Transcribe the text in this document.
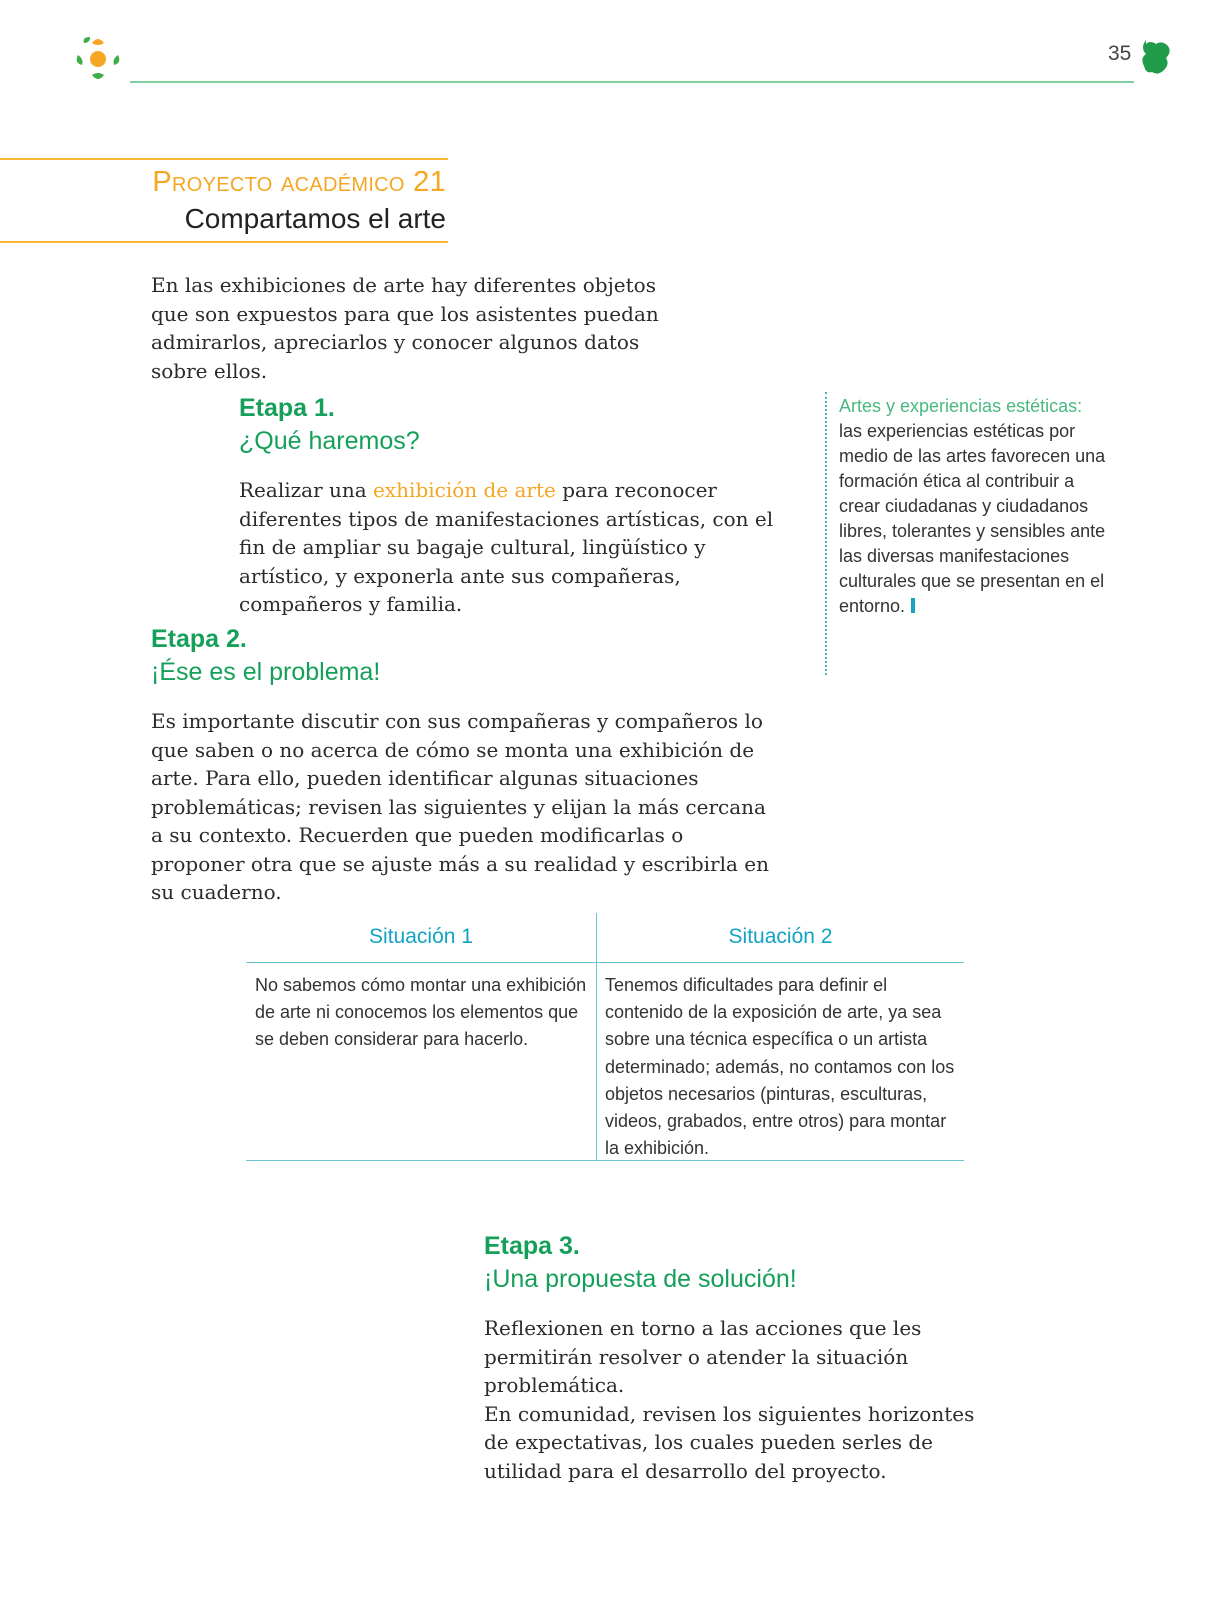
35
Proyecto académico 21
Compartamos el arte
En las exhibiciones de arte hay diferentes objetos que son expuestos para que los asistentes puedan admirarlos, apreciarlos y conocer algunos datos sobre ellos.
Etapa 1.
¿Qué haremos?
Realizar una exhibición de arte para reconocer diferentes tipos de manifestaciones artísticas, con el fin de ampliar su bagaje cultural, lingüístico y artístico, y exponerla ante sus compañeras, compañeros y familia.
Artes y experiencias estéticas: las experiencias estéticas por medio de las artes favorecen una formación ética al contribuir a crear ciudadanas y ciudadanos libres, tolerantes y sensibles ante las diversas manifestaciones culturales que se presentan en el entorno.
Etapa 2.
¡Ése es el problema!
Es importante discutir con sus compañeras y compañeros lo que saben o no acerca de cómo se monta una exhibición de arte. Para ello, pueden identificar algunas situaciones problemáticas; revisen las siguientes y elijan la más cercana a su contexto. Recuerden que pueden modificarlas o proponer otra que se ajuste más a su realidad y escribirla en su cuaderno.
Situación 1	Situación 2
No sabemos cómo montar una exhibición de arte ni conocemos los elementos que se deben considerar para hacerlo.
Tenemos dificultades para definir el contenido de la exposición de arte, ya sea sobre una técnica específica o un artista determinado; además, no contamos con los objetos necesarios (pinturas, esculturas, videos, grabados, entre otros) para montar la exhibición.
Etapa 3.
¡Una propuesta de solución!
Reflexionen en torno a las acciones que les permitirán resolver o atender la situación problemática.
En comunidad, revisen los siguientes horizontes de expectativas, los cuales pueden serles de utilidad para el desarrollo del proyecto.
